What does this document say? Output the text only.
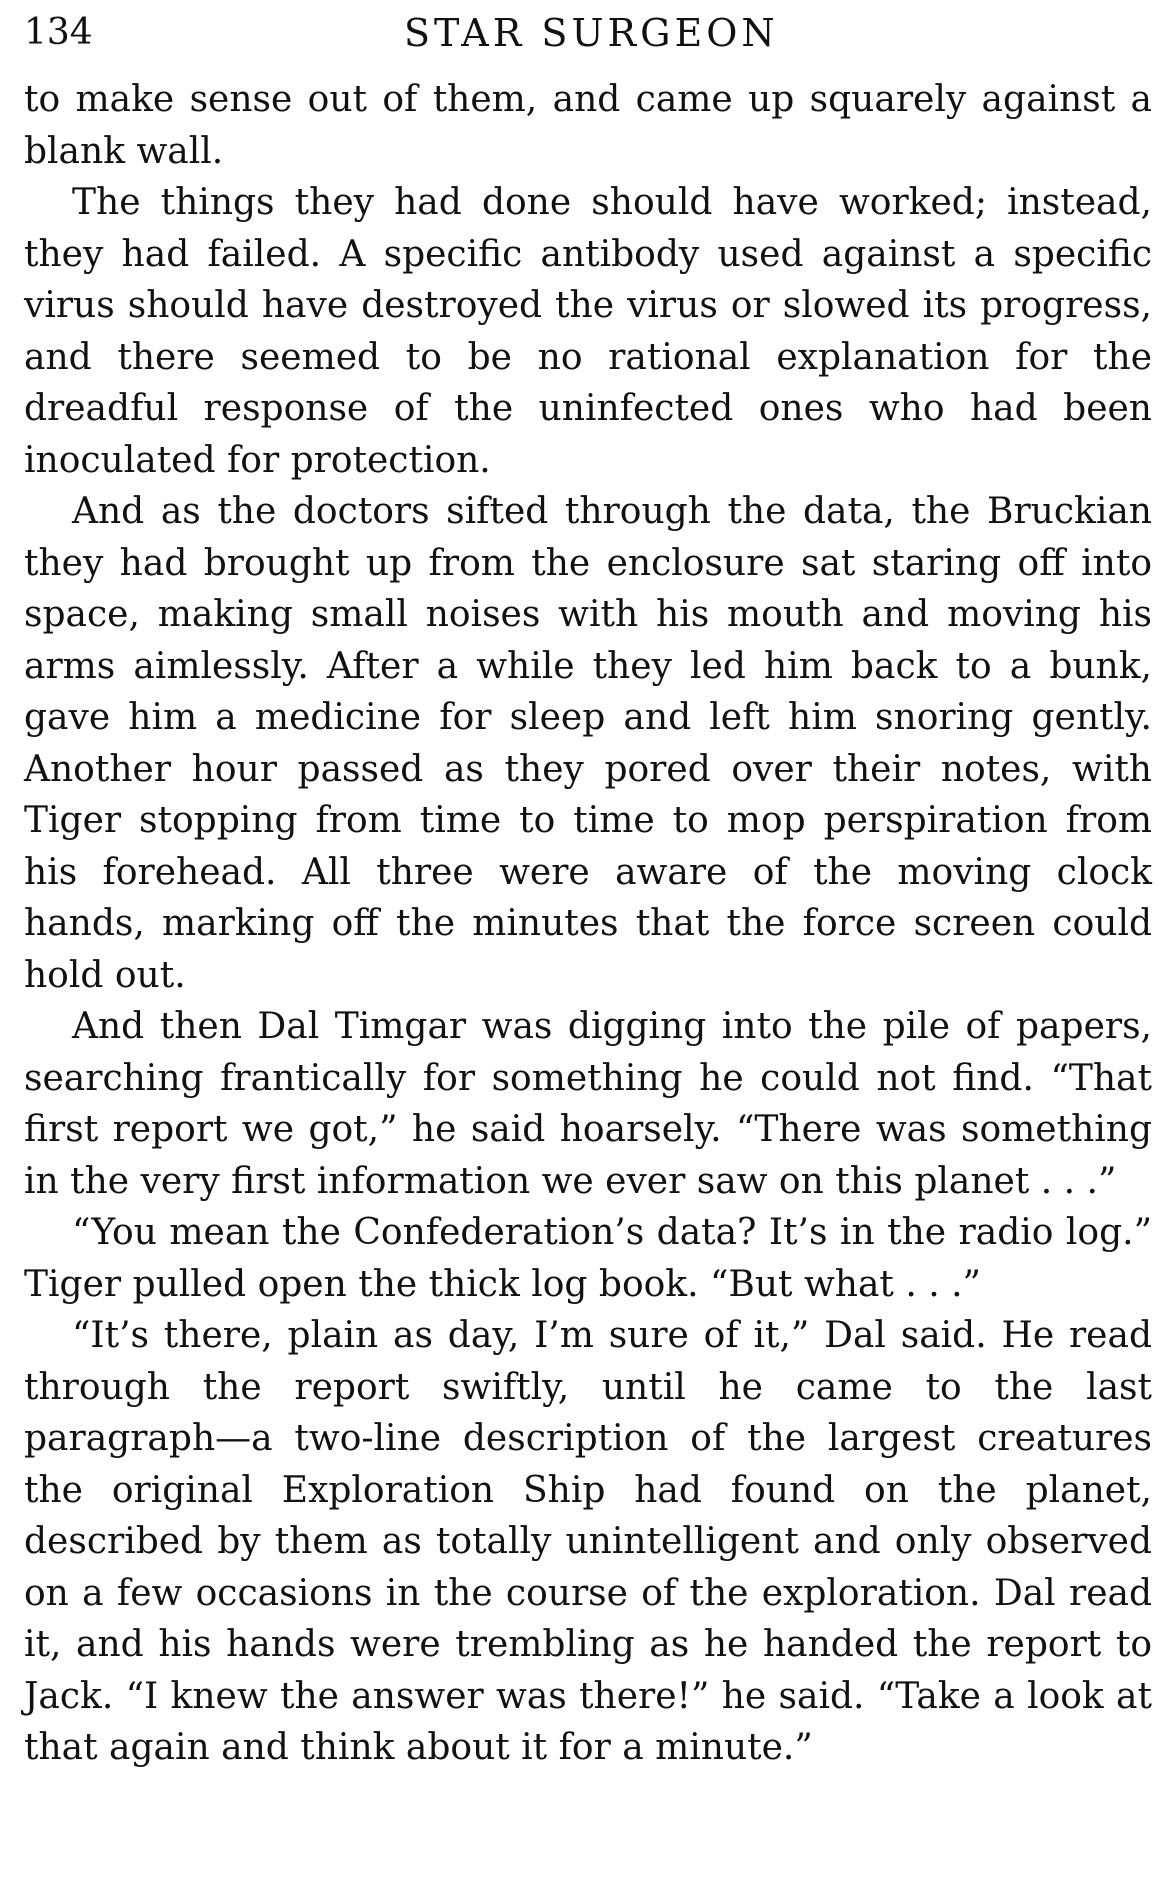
134	STAR SURGEON

to make sense out of them, and came up squarely against a blank wall.

The things they had done should have worked; instead, they had failed. A specific antibody used against a specific virus should have destroyed the virus or slowed its progress, and there seemed to be no rational explanation for the dreadful response of the uninfected ones who had been inoculated for protection.

And as the doctors sifted through the data, the Bruckian they had brought up from the enclosure sat staring off into space, making small noises with his mouth and moving his arms aimlessly. After a while they led him back to a bunk, gave him a medicine for sleep and left him snoring gently. Another hour passed as they pored over their notes, with Tiger stopping from time to time to mop perspiration from his forehead. All three were aware of the moving clock hands, marking off the minutes that the force screen could hold out.

And then Dal Timgar was digging into the pile of papers, searching frantically for something he could not find. “That first report we got,” he said hoarsely. “There was something in the very first information we ever saw on this planet . . .”

“You mean the Confederation’s data? It’s in the radio log.” Tiger pulled open the thick log book. “But what . . .”

“It’s there, plain as day, I’m sure of it,” Dal said. He read through the report swiftly, until he came to the last paragraph—a two-line description of the largest creatures the original Exploration Ship had found on the planet, described by them as totally unintelligent and only observed on a few occasions in the course of the exploration. Dal read it, and his hands were trembling as he handed the report to Jack. “I knew the answer was there!” he said. “Take a look at that again and think about it for a minute.”
